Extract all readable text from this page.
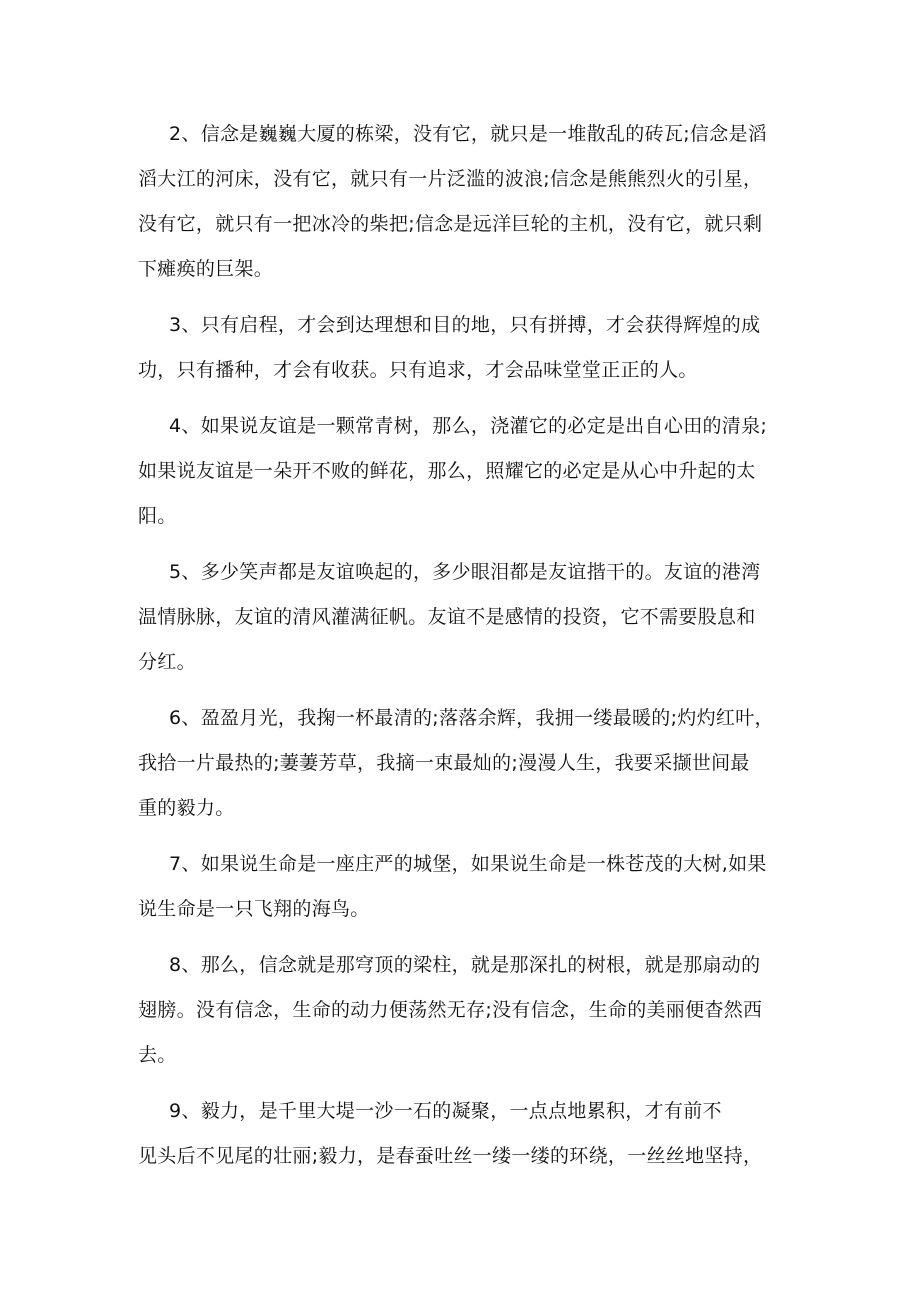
2、信念是巍巍大厦的栋梁，没有它，就只是一堆散乱的砖瓦;信念是滔
滔大江的河床，没有它，就只有一片泛滥的波浪;信念是熊熊烈火的引星，
没有它，就只有一把冰冷的柴把;信念是远洋巨轮的主机，没有它，就只剩
下瘫痪的巨架。

3、只有启程，才会到达理想和目的地，只有拼搏，才会获得辉煌的成
功，只有播种，才会有收获。只有追求，才会品味堂堂正正的人。

4、如果说友谊是一颗常青树，那么，浇灌它的必定是出自心田的清泉;
如果说友谊是一朵开不败的鲜花，那么，照耀它的必定是从心中升起的太
阳。

5、多少笑声都是友谊唤起的，多少眼泪都是友谊揩干的。友谊的港湾
温情脉脉，友谊的清风灌满征帆。友谊不是感情的投资，它不需要股息和
分红。

6、盈盈月光，我掬一杯最清的;落落余辉，我拥一缕最暖的;灼灼红叶，
我拾一片最热的;萋萋芳草，我摘一束最灿的;漫漫人生，我要采撷世间最
重的毅力。

7、如果说生命是一座庄严的城堡，如果说生命是一株苍茂的大树,如果
说生命是一只飞翔的海鸟。

8、那么，信念就是那穹顶的梁柱，就是那深扎的树根，就是那扇动的
翅膀。没有信念，生命的动力便荡然无存;没有信念，生命的美丽便杳然西
去。

9、毅力，是千里大堤一沙一石的凝聚，一点点地累积，才有前不
见头后不见尾的壮丽;毅力，是春蚕吐丝一缕一缕的环绕，一丝丝地坚持，
